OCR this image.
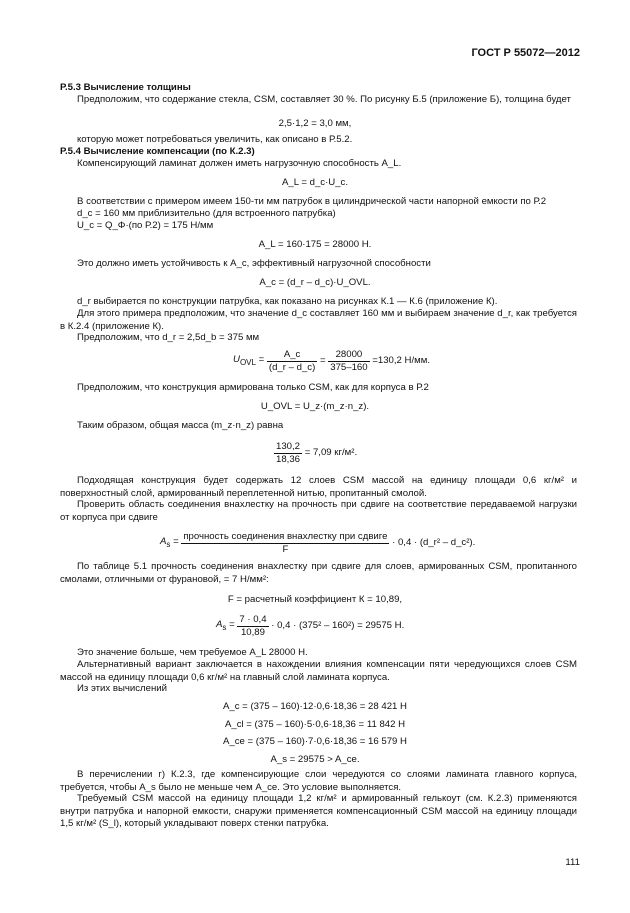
ГОСТ Р 55072—2012
Р.5.3 Вычисление толщины
Предположим, что содержание стекла, CSM, составляет 30 %. По рисунку Б.5 (приложение Б), толщина будет
2,5·1,2 = 3,0 мм,
которую может потребоваться увеличить, как описано в Р.5.2.
Р.5.4 Вычисление компенсации (по К.2.3)
Компенсирующий ламинат должен иметь нагрузочную способность A_L.
A_L = d_c·U_c.
В соответствии с примером имеем 150-ти мм патрубок в цилиндрической части напорной емкости по Р.2
d_c = 160 мм приблизительно (для встроенного патрубка)
U_c = Q_Φ·(по Р.2) = 175 Н/мм
A_L = 160·175 = 28000 Н.
Это должно иметь устойчивость к A_c, эффективный нагрузочной способности
A_c = (d_r – d_c)·U_OVL.
d_r выбирается по конструкции патрубка, как показано на рисунках К.1 — К.6 (приложение К).
Для этого примера предположим, что значение d_c составляет 160 мм и выбираем значение d_r, как требуется в К.2.4 (приложение К).
Предположим, что d_r = 2,5d_b = 375 мм
$U_{OVL} = \frac{A\_c}{(d\_r - d\_c)} = \frac{28000}{375-160} =130,2$ Н/мм.
Предположим, что конструкция армирована только CSM, как для корпуса в Р.2
U_OVL = U_z·(m_z·n_z).
Таким образом, общая масса (m_z·n_z) равна
$\frac{130,2}{18,36} = 7,09$ кг/м².
Подходящая конструкция будет содержать 12 слоев CSM массой на единицу площади 0,6 кг/м² и поверхностный слой, армированный переплетенной нитью, пропитанный смолой.
Проверить область соединения внахлестку на прочность при сдвиге на соответствие передаваемой нагрузки от корпуса при сдвиге
$A_s = \frac{\text{прочность соединения внахлестку при сдвиге}}{F} \cdot 0,4$ · (d_r² – d_c²).
По таблице 5.1 прочность соединения внахлестку при сдвиге для слоев, армированных CSM, пропитанного смолами, отличными от фурановой, = 7 Н/мм²:
F = расчетный коэффициент К = 10,89,
$A_s = \frac{7 \cdot 0,4}{10,89} \cdot 0,4 \cdot (375^2 - 160^2) = 29575$ Н.
Это значение больше, чем требуемое A_L 28000 Н.
Альтернативный вариант заключается в нахождении влияния компенсации пяти чередующихся слоев CSM массой на единицу площади 0,6 кг/м² на главный слой ламината корпуса.
Из этих вычислений
A_c = (375 – 160)·12·0,6·18,36 = 28 421 Н
A_cl = (375 – 160)·5·0,6·18,36 = 11 842 Н
A_ce = (375 – 160)·7·0,6·18,36 = 16 579 Н
A_s = 29575 > A_ce.
В перечислении г) К.2.3, где компенсирующие слои чередуются со слоями ламината главного корпуса, требуется, чтобы A_s было не меньше чем A_ce. Это условие выполняется.
Требуемый CSM массой на единицу площади 1,2 кг/м² и армированный гелькоут (см. К.2.3) применяются внутри патрубка и напорной емкости, снаружи применяется компенсационный CSM массой на единицу площади 1,5 кг/м² (S_l), который укладывают поверх стенки патрубка.
111
